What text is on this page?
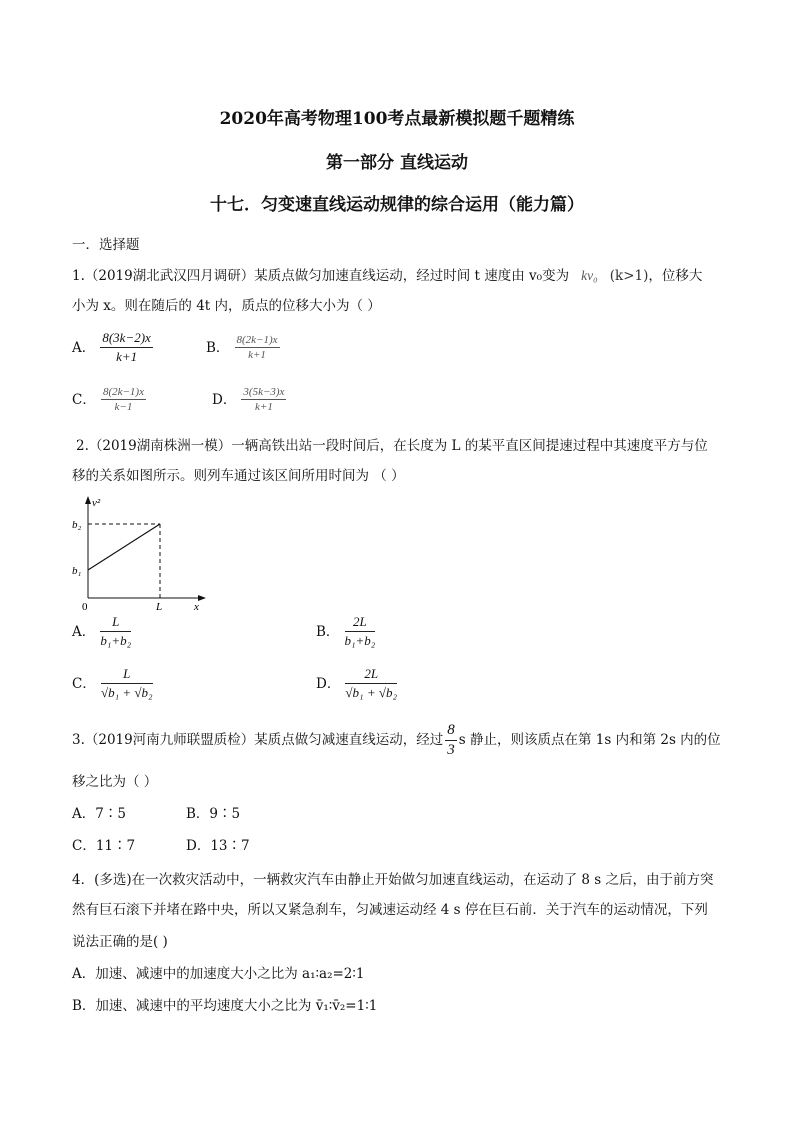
2020年高考物理100考点最新模拟题千题精练
第一部分 直线运动
十七．匀变速直线运动规律的综合运用（能力篇）
一．选择题
1.（2019湖北武汉四月调研）某质点做匀加速直线运动，经过时间 t 速度由 v₀变为 kv₀ (k>1)，位移大
小为 x。则在随后的 4t 内，质点的位移大小为（ ）
A． $\frac{8(3k-2)x}{k+1}$	B． $\frac{8(2k-1)x}{k+1}$
C． $\frac{8(2k-1)x}{k-1}$	D． $\frac{3(5k-3)x}{k+1}$
2.（2019湖南株洲一模）一辆高铁出站一段时间后，在长度为 L 的某平直区间提速过程中其速度平方与位
移的关系如图所示。则列车通过该区间所用时间为 （ ）
v²
b₂
b₁
0	L	x
A． $\frac{L}{\text{b₁+b₂}}$	B． $\frac{2L}{\text{b₁+b₂}}$
C． $\frac{L}{\text{√b₁ + √b₂}}$	D． $\frac{2L}{\text{√b₁ + √b₂}}$
3.（2019河南九师联盟质检）某质点做匀减速直线运动，经过 $\frac{8}{3}$ s 静止，则该质点在第 1s 内和第 2s 内的位
移之比为（ ）
A．7∶5	B．9∶5
C．11∶7	D．13∶7
4．(多选)在一次救灾活动中，一辆救灾汽车由静止开始做匀加速直线运动，在运动了 8 s 之后，由于前方突
然有巨石滚下并堵在路中央，所以又紧急刹车，匀减速运动经 4 s 停在巨石前．关于汽车的运动情况，下列
说法正确的是( )
A．加速、减速中的加速度大小之比为 a₁∶a₂=2∶1
B．加速、减速中的平均速度大小之比为 v̄₁∶v̄₂=1∶1
